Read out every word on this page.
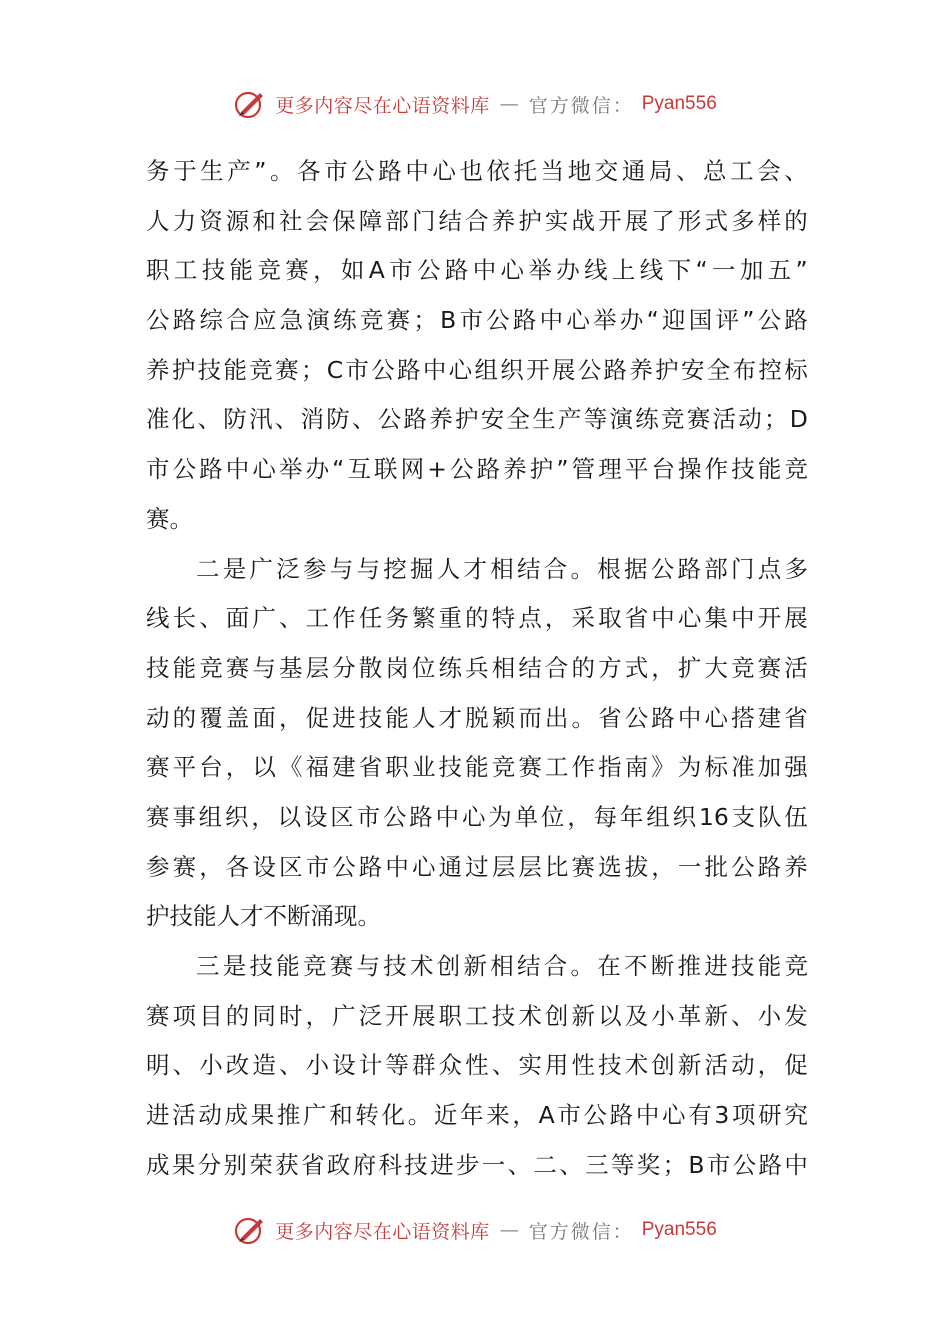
更多内容尽在心语资料库 — 官方微信： Pyan556
务 于 生 产 ” 。 各 市 公 路 中 心 也 依 托 当 地 交 通 局 、 总 工 会 、
人 力 资 源 和 社 会 保 障 部 门 结 合 养 护 实 战 开 展 了 形 式 多 样 的
职 工 技 能 竞 赛 ， 如 A 市 公 路 中 心 举 办 线 上 线 下 “ 一 加 五 ”
公 路 综 合 应 急 演 练 竞 赛 ； B 市 公 路 中 心 举 办 “ 迎 国 评 ” 公 路
养 护 技 能 竞 赛 ； C 市 公 路 中 心 组 织 开 展 公 路 养 护 安 全 布 控 标
准 化 、 防 汛 、 消 防 、 公 路 养 护 安 全 生 产 等 演 练 竞 赛 活 动 ； D
市 公 路 中 心 举 办 “ 互 联 网 + 公 路 养 护 ” 管 理 平 台 操 作 技 能 竞
赛。
二 是 广 泛 参 与 与 挖 掘 人 才 相 结 合 。 根 据 公 路 部 门 点 多
线 长 、 面 广 、 工 作 任 务 繁 重 的 特 点 ， 采 取 省 中 心 集 中 开 展
技 能 竞 赛 与 基 层 分 散 岗 位 练 兵 相 结 合 的 方 式 ， 扩 大 竞 赛 活
动 的 覆 盖 面 ， 促 进 技 能 人 才 脱 颖 而 出 。 省 公 路 中 心 搭 建 省
赛 平 台 ， 以 《 福 建 省 职 业 技 能 竞 赛 工 作 指 南 》 为 标 准 加 强
赛 事 组 织 ， 以 设 区 市 公 路 中 心 为 单 位 ， 每 年 组 织 16 支 队 伍
参 赛 ， 各 设 区 市 公 路 中 心 通 过 层 层 比 赛 选 拔 ， 一 批 公 路 养
护技能人才不断涌现。
三 是 技 能 竞 赛 与 技 术 创 新 相 结 合 。 在 不 断 推 进 技 能 竞
赛 项 目 的 同 时 ， 广 泛 开 展 职 工 技 术 创 新 以 及 小 革 新 、 小 发
明 、 小 改 造 、 小 设 计 等 群 众 性 、 实 用 性 技 术 创 新 活 动 ， 促
进 活 动 成 果 推 广 和 转 化 。 近 年 来 ， A 市 公 路 中 心 有 3 项 研 究
成 果 分 别 荣 获 省 政 府 科 技 进 步 一 、 二 、 三 等 奖 ； B 市 公 路 中
更多内容尽在心语资料库 — 官方微信： Pyan556
